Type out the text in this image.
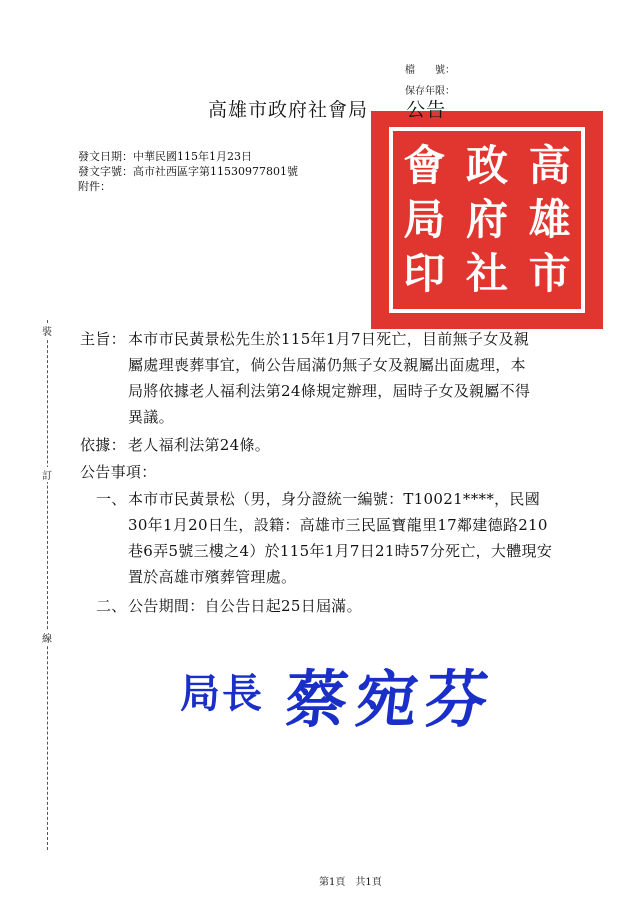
檔　　號：
保存年限：
高
雄
市
政
府
社
會
局
印
高雄市政府社會局 公告
發文日期：中華民國115年1月23日
發文字號：高市社西區字第11530977801號
附件：
裝
訂
線
主旨： 本市市民黃景松先生於115年1月7日死亡，目前無子女及親
屬處理喪葬事宜，倘公告屆滿仍無子女及親屬出面處理，本
局將依據老人福利法第24條規定辦理，屆時子女及親屬不得
異議。
依據： 老人福利法第24條。
公告事項：
一、 本市市民黃景松（男，身分證統一編號：T10021****，民國
30年1月20日生，設籍：高雄市三民區寶龍里17鄰建德路210
巷6弄5號三樓之4）於115年1月7日21時57分死亡，大體現安
置於高雄市殯葬管理處。
二、 公告期間：自公告日起25日屆滿。
局長 蔡宛芬
第1頁　共1頁
